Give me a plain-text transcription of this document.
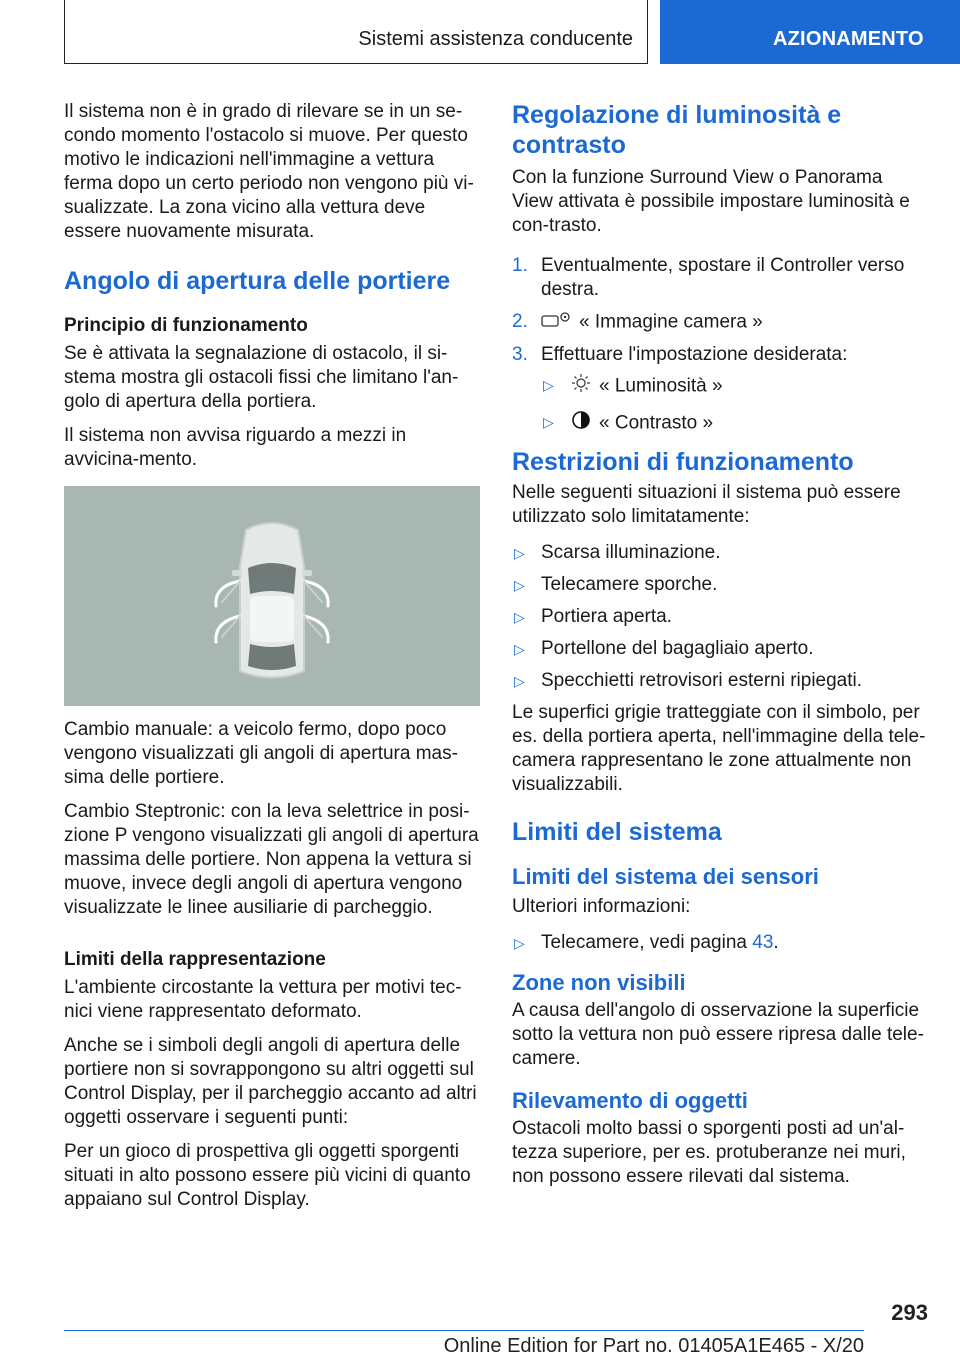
Sistemi assistenza conducente	AZIONAMENTO

Il sistema non è in grado di rilevare se in un se-condo momento l'ostacolo si muove. Per questo motivo le indicazioni nell'immagine a vettura ferma dopo un certo periodo non vengono più vi-sualizzate. La zona vicino alla vettura deve essere nuovamente misurata.

Angolo di apertura delle portiere
Principio di funzionamento

Se è attivata la segnalazione di ostacolo, il si-stema mostra gli ostacoli fissi che limitano l'an-golo di apertura della portiera.

Il sistema non avvisa riguardo a mezzi in avvicina-mento.

Cambio manuale: a veicolo fermo, dopo poco vengono visualizzati gli angoli di apertura mas-sima delle portiere.

Cambio Steptronic: con la leva selettrice in posi-zione P vengono visualizzati gli angoli di apertura massima delle portiere. Non appena la vettura si muove, invece degli angoli di apertura vengono visualizzate le linee ausiliarie di parcheggio.

Limiti della rappresentazione

L'ambiente circostante la vettura per motivi tec-nici viene rappresentato deformato.

Anche se i simboli degli angoli di apertura delle portiere non si sovrappongono su altri oggetti sul Control Display, per il parcheggio accanto ad altri oggetti osservare i seguenti punti:

Per un gioco di prospettiva gli oggetti sporgenti situati in alto possono essere più vicini di quanto appaiano sul Control Display.

Regolazione di luminosità e contrasto

Con la funzione Surround View o Panorama View attivata è possibile impostare luminosità e con-trasto.

1. Eventualmente, spostare il Controller verso destra.
2.	« Immagine camera »
3. Effettuare l'impostazione desiderata:
▷ « Luminosità »
▷ « Contrasto »
Restrizioni di funzionamento

Nelle seguenti situazioni il sistema può essere utilizzato solo limitatamente:

▷ Scarsa illuminazione.
▷ Telecamere sporche.
▷ Portiera aperta.
▷ Portellone del bagagliaio aperto.
▷ Specchietti retrovisori esterni ripiegati.

Le superfici grigie tratteggiate con il simbolo, per es. della portiera aperta, nell'immagine della tele-camera rappresentano le zone attualmente non visualizzabili.

Limiti del sistema
Limiti del sistema dei sensori

Ulteriori informazioni:

▷ Telecamere, vedi pagina 43.
Zone non visibili

A causa dell'angolo di osservazione la superficie sotto la vettura non può essere ripresa dalle tele-camere.

Rilevamento di oggetti

Ostacoli molto bassi o sporgenti posti ad un'al-tezza superiore, per es. protuberanze nei muri, non possono essere rilevati dal sistema.

293
Online Edition for Part no. 01405A1E465 - X/20
